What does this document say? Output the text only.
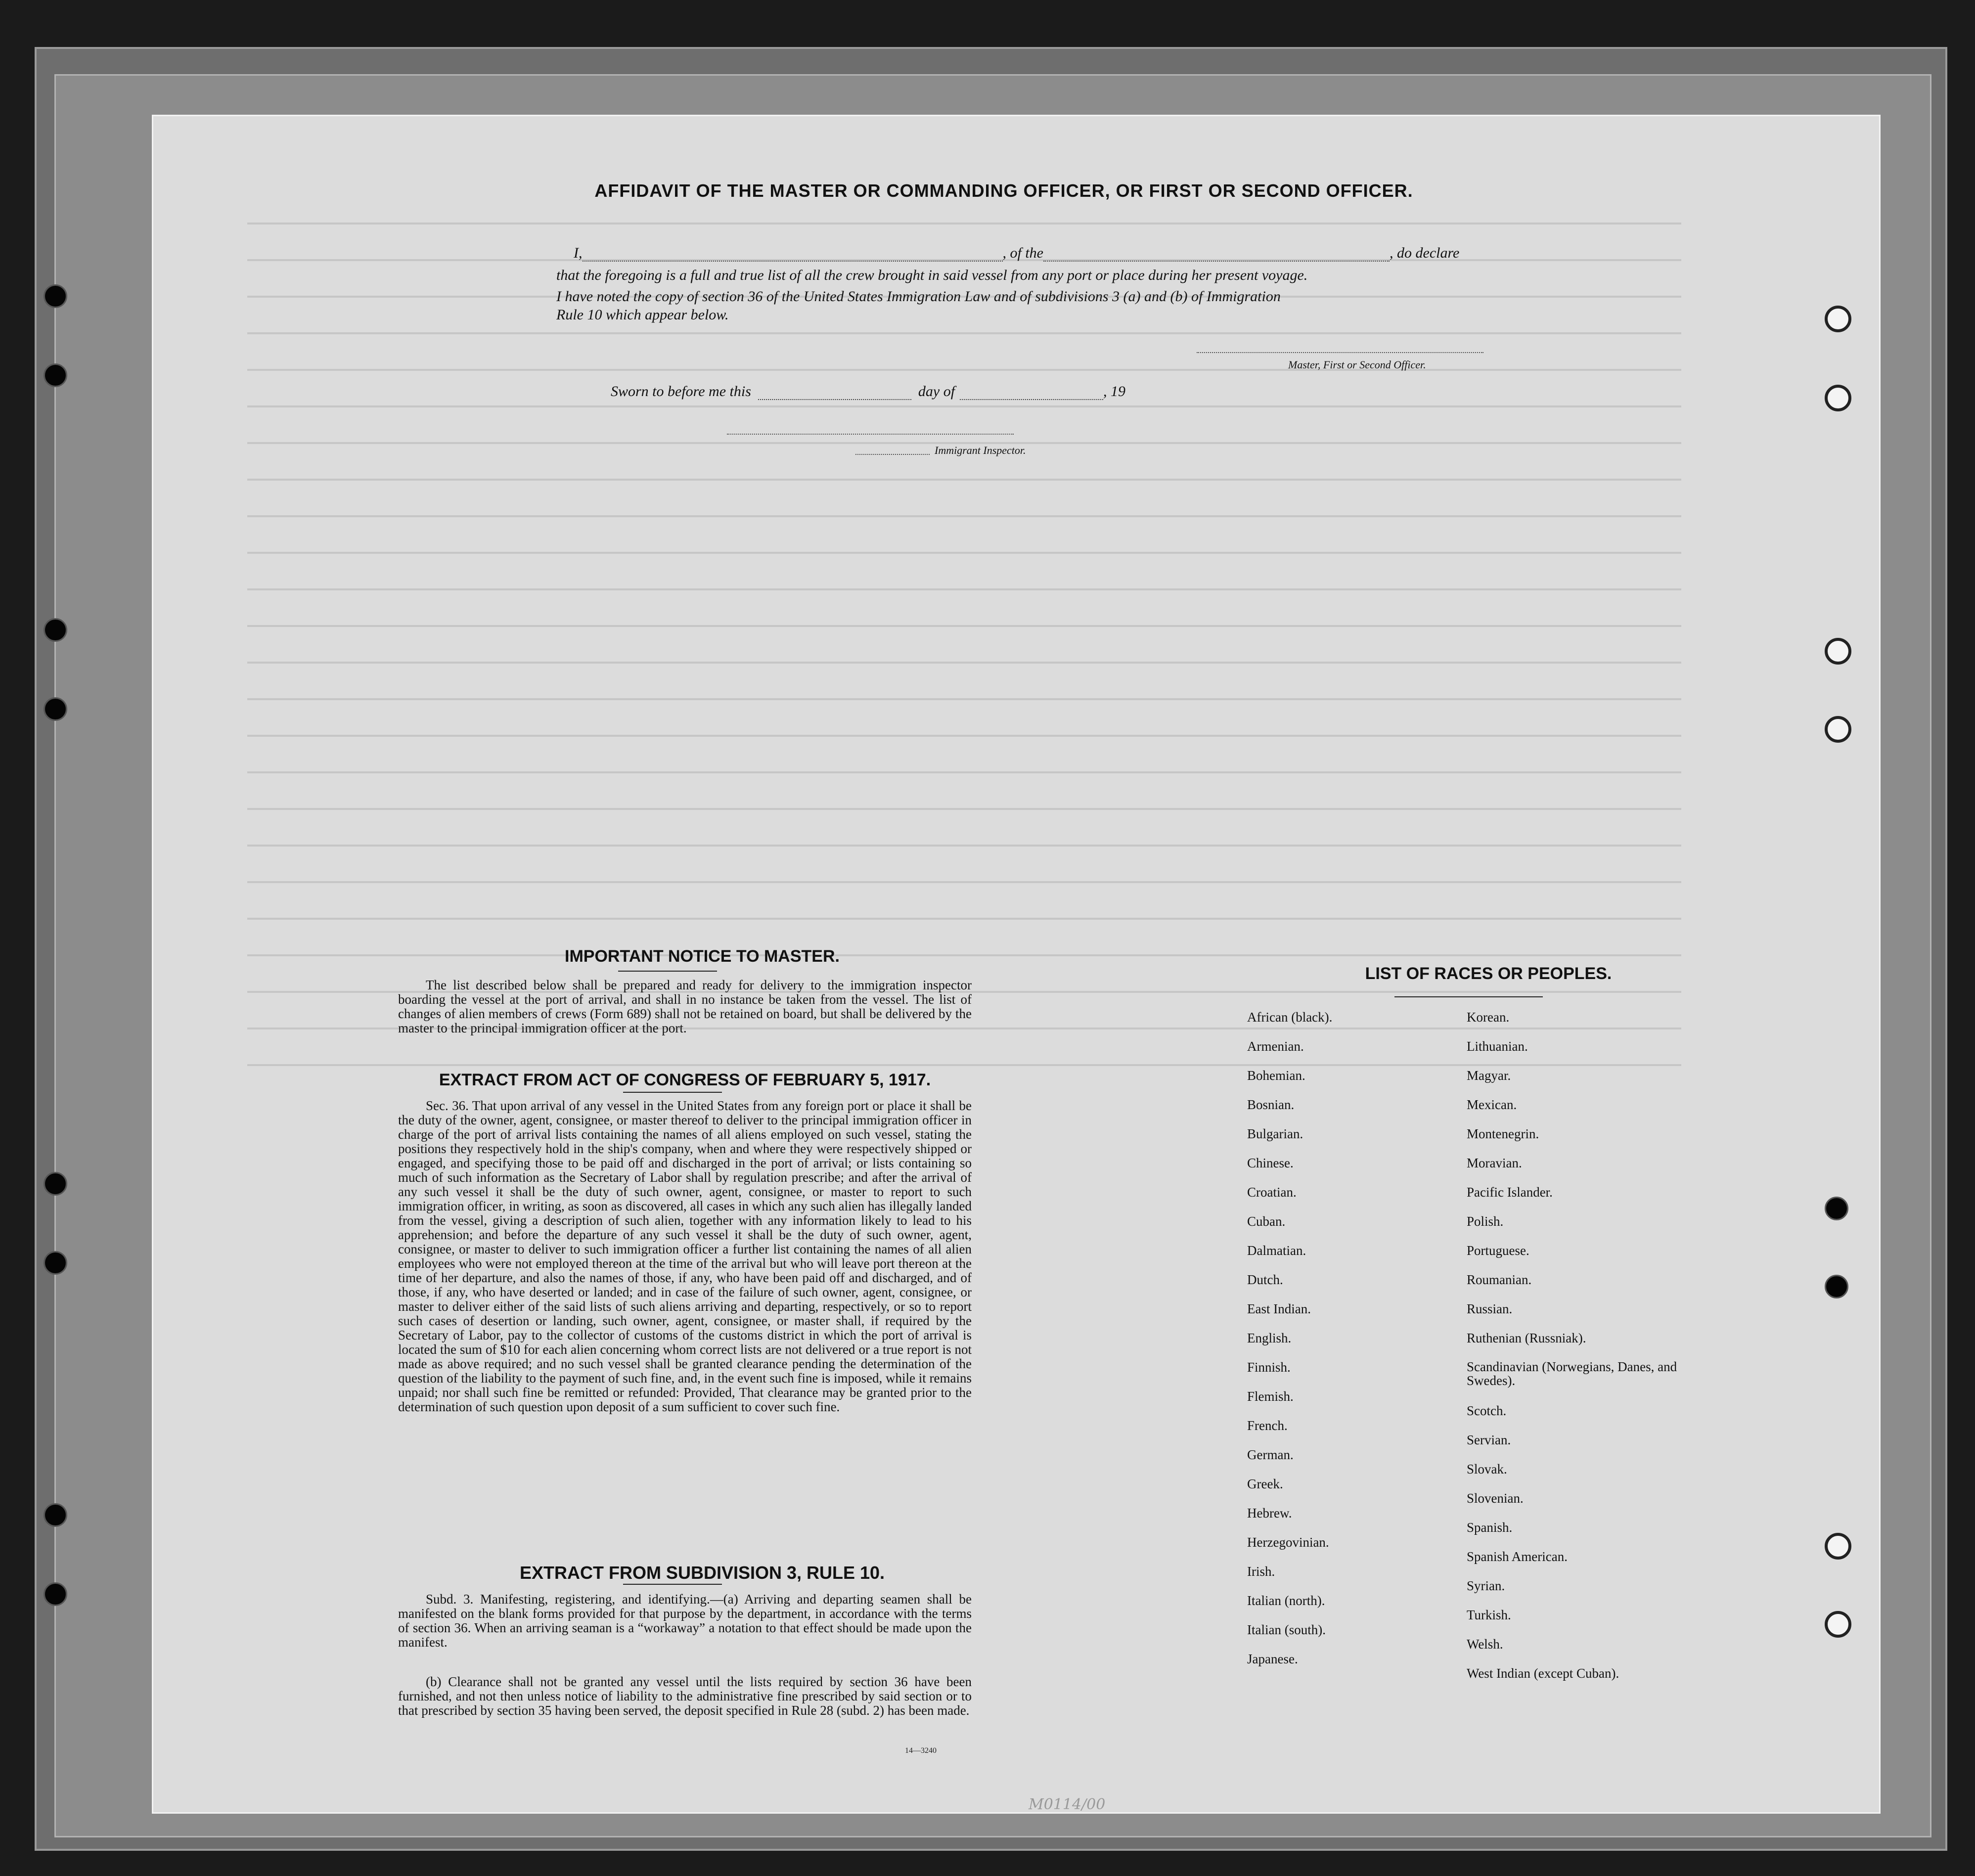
AFFIDAVIT OF THE MASTER OR COMMANDING OFFICER, OR FIRST OR SECOND OFFICER.
I,	, of the	, do declare
that the foregoing is a full and true list of all the crew brought in said vessel from any port or place during her present voyage.
I have noted the copy of section 36 of the United States Immigration Law and of subdivisions 3 (a) and (b) of Immigration
Rule 10 which appear below.
Master, First or Second Officer.
Sworn to before me this	day of	, 19
Immigrant Inspector.
IMPORTANT NOTICE TO MASTER.
The list described below shall be prepared and ready for delivery to the immigration inspector boarding the vessel at the port of arrival, and shall in no instance be taken from the vessel. The list of changes of alien members of crews (Form 689) shall not be retained on board, but shall be delivered by the master to the principal immigration officer at the port.
EXTRACT FROM ACT OF CONGRESS OF FEBRUARY 5, 1917.
Sec. 36. That upon arrival of any vessel in the United States from any foreign port or place it shall be the duty of the owner, agent, consignee, or master thereof to deliver to the principal immigration officer in charge of the port of arrival lists containing the names of all aliens employed on such vessel, stating the positions they respectively hold in the ship's company, when and where they were respectively shipped or engaged, and specifying those to be paid off and discharged in the port of arrival; or lists containing so much of such information as the Secretary of Labor shall by regulation prescribe; and after the arrival of any such vessel it shall be the duty of such owner, agent, consignee, or master to report to such immigration officer, in writing, as soon as discovered, all cases in which any such alien has illegally landed from the vessel, giving a description of such alien, together with any information likely to lead to his apprehension; and before the departure of any such vessel it shall be the duty of such owner, agent, consignee, or master to deliver to such immigration officer a further list containing the names of all alien employees who were not employed thereon at the time of the arrival but who will leave port thereon at the time of her departure, and also the names of those, if any, who have been paid off and discharged, and of those, if any, who have deserted or landed; and in case of the failure of such owner, agent, consignee, or master to deliver either of the said lists of such aliens arriving and departing, respectively, or so to report such cases of desertion or landing, such owner, agent, consignee, or master shall, if required by the Secretary of Labor, pay to the collector of customs of the customs district in which the port of arrival is located the sum of $10 for each alien concerning whom correct lists are not delivered or a true report is not made as above required; and no such vessel shall be granted clearance pending the determination of the question of the liability to the payment of such fine, and, in the event such fine is imposed, while it remains unpaid; nor shall such fine be remitted or refunded: Provided, That clearance may be granted prior to the determination of such question upon deposit of a sum sufficient to cover such fine.
EXTRACT FROM SUBDIVISION 3, RULE 10.
Subd. 3. Manifesting, registering, and identifying.—(a) Arriving and departing seamen shall be manifested on the blank forms provided for that purpose by the department, in accordance with the terms of section 36. When an arriving seaman is a “workaway” a notation to that effect should be made upon the manifest.
(b) Clearance shall not be granted any vessel until the lists required by section 36 have been furnished, and not then unless notice of liability to the administrative fine prescribed by said section or to that prescribed by section 35 having been served, the deposit specified in Rule 28 (subd. 2) has been made.
14—3240
LIST OF RACES OR PEOPLES.
African (black).
Armenian.
Bohemian.
Bosnian.
Bulgarian.
Chinese.
Croatian.
Cuban.
Dalmatian.
Dutch.
East Indian.
English.
Finnish.
Flemish.
French.
German.
Greek.
Hebrew.
Herzegovinian.
Irish.
Italian (north).
Italian (south).
Japanese.
Korean.
Lithuanian.
Magyar.
Mexican.
Montenegrin.
Moravian.
Pacific Islander.
Polish.
Portuguese.
Roumanian.
Russian.
Ruthenian (Russniak).
Scandinavian (Norwegians, Danes, and Swedes).
Scotch.
Servian.
Slovak.
Slovenian.
Spanish.
Spanish American.
Syrian.
Turkish.
Welsh.
West Indian (except Cuban).
M0114/00
